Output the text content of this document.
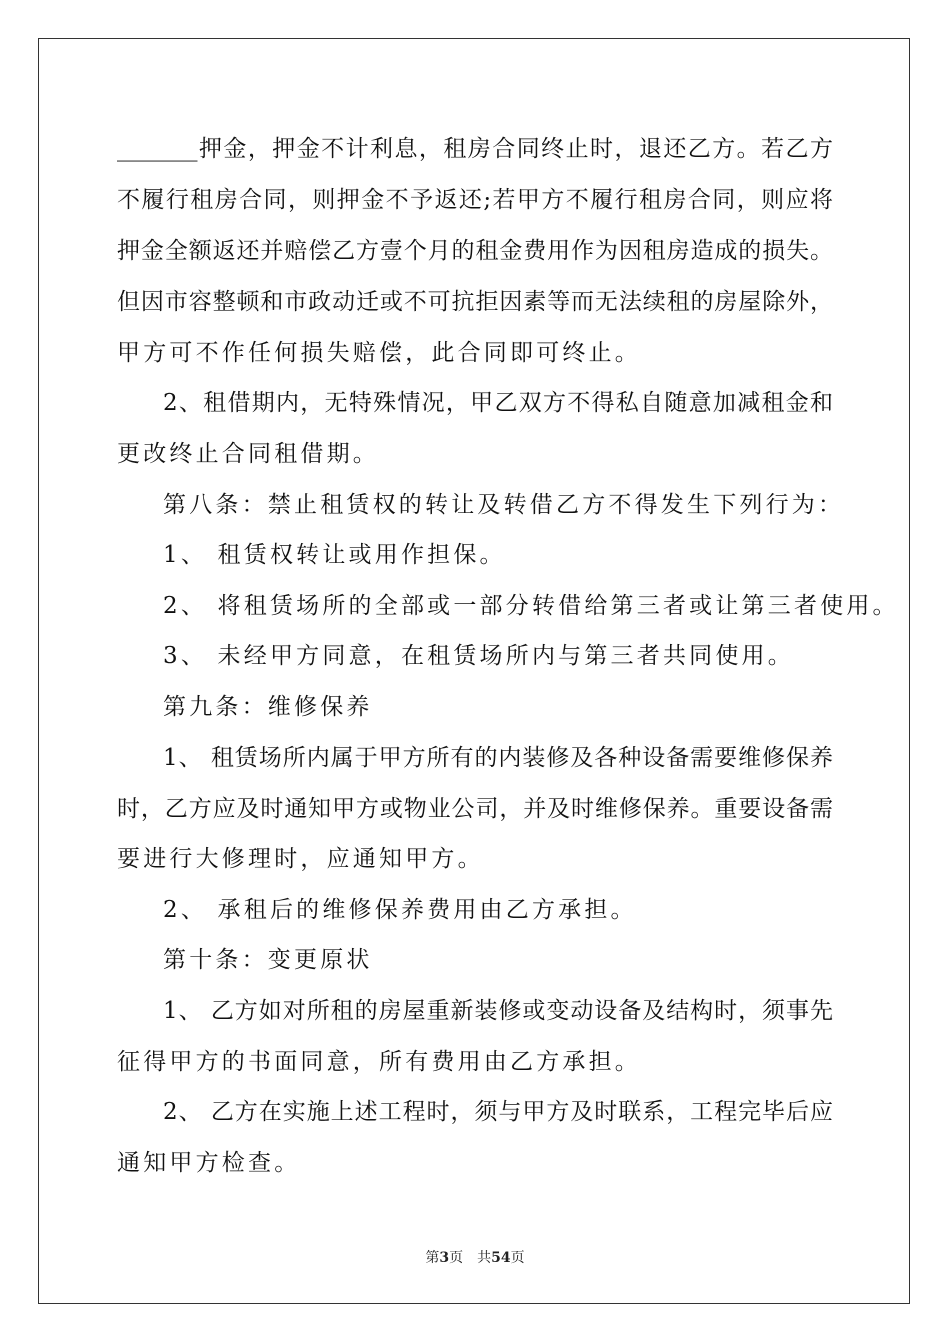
_______押金，押金不计利息，租房合同终止时，退还乙方。若乙方
不履行租房合同，则押金不予返还;若甲方不履行租房合同，则应将
押金全额返还并赔偿乙方壹个月的租金费用作为因租房造成的损失。
但因市容整顿和市政动迁或不可抗拒因素等而无法续租的房屋除外，
甲方可不作任何损失赔偿，此合同即可终止。
2、租借期内，无特殊情况，甲乙双方不得私自随意加减租金和
更改终止合同租借期。
第八条：禁止租赁权的转让及转借乙方不得发生下列行为：
1、 租赁权转让或用作担保。
2、 将租赁场所的全部或一部分转借给第三者或让第三者使用。
3、 未经甲方同意，在租赁场所内与第三者共同使用。
第九条：维修保养
1、 租赁场所内属于甲方所有的内装修及各种设备需要维修保养
时，乙方应及时通知甲方或物业公司，并及时维修保养。重要设备需
要进行大修理时，应通知甲方。
2、 承租后的维修保养费用由乙方承担。
第十条：变更原状
1、 乙方如对所租的房屋重新装修或变动设备及结构时，须事先
征得甲方的书面同意，所有费用由乙方承担。
2、 乙方在实施上述工程时，须与甲方及时联系，工程完毕后应
通知甲方检查。
第3页 共54页
